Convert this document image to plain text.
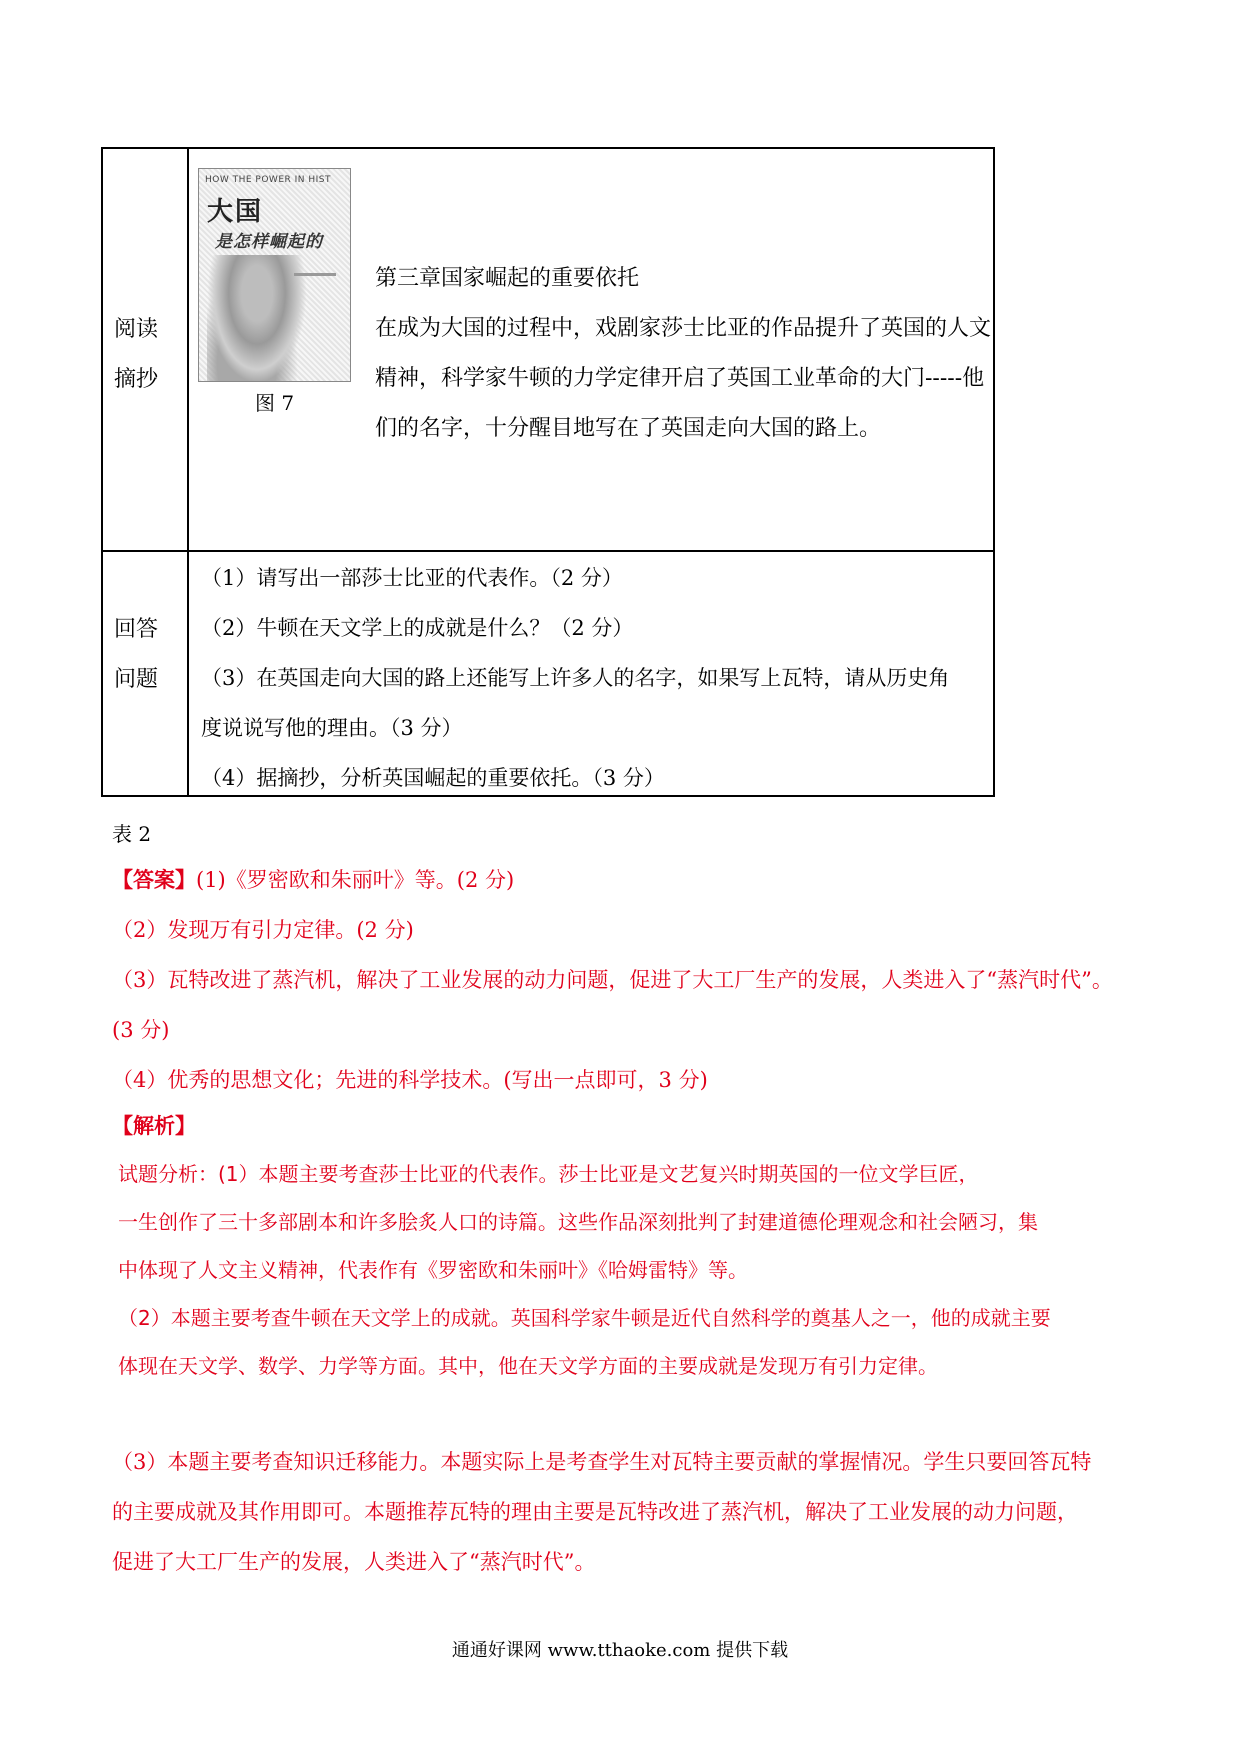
阅读
摘抄
HOW THE POWER IN HIST
大国
是怎样崛起的
图 7
第三章国家崛起的重要依托
在成为大国的过程中，戏剧家莎士比亚的作品提升了英国的人文
精神，科学家牛顿的力学定律开启了英国工业革命的大门-----他
们的名字，十分醒目地写在了英国走向大国的路上。
回答
问题
（1）请写出一部莎士比亚的代表作。（2 分）
（2）牛顿在天文学上的成就是什么？（2 分）
（3）在英国走向大国的路上还能写上许多人的名字，如果写上瓦特，请从历史角
度说说写他的理由。（3 分）
（4）据摘抄，分析英国崛起的重要依托。（3 分）
表 2
【答案】(1)《罗密欧和朱丽叶》等。(2 分)
（2）发现万有引力定律。(2 分)
（3）瓦特改进了蒸汽机，解决了工业发展的动力问题，促进了大工厂生产的发展，人类进入了“蒸汽时代”。
(3 分)
（4）优秀的思想文化；先进的科学技术。(写出一点即可，3 分)
【解析】
试题分析：(1）本题主要考查莎士比亚的代表作。莎士比亚是文艺复兴时期英国的一位文学巨匠，
一生创作了三十多部剧本和许多脍炙人口的诗篇。这些作品深刻批判了封建道德伦理观念和社会陋习，集
中体现了人文主义精神，代表作有《罗密欧和朱丽叶》《哈姆雷特》等。
（2）本题主要考查牛顿在天文学上的成就。英国科学家牛顿是近代自然科学的奠基人之一，他的成就主要
体现在天文学、数学、力学等方面。其中，他在天文学方面的主要成就是发现万有引力定律。
（3）本题主要考查知识迁移能力。本题实际上是考查学生对瓦特主要贡献的掌握情况。学生只要回答瓦特
的主要成就及其作用即可。本题推荐瓦特的理由主要是瓦特改进了蒸汽机，解决了工业发展的动力问题，
促进了大工厂生产的发展，人类进入了“蒸汽时代”。
通通好课网 www.tthaoke.com 提供下载
